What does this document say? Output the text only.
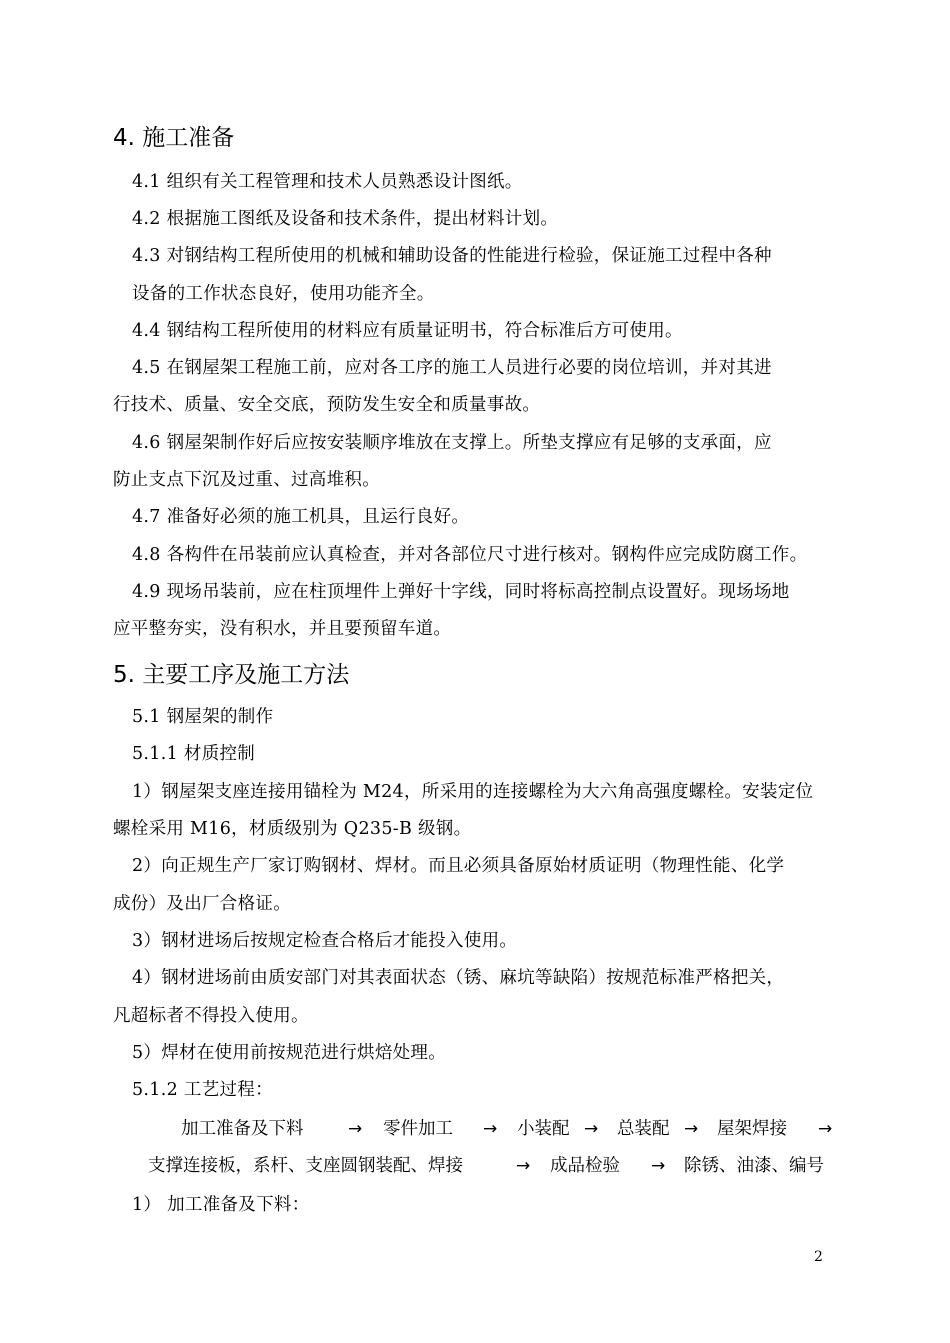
4. 施工准备
4.1 组织有关工程管理和技术人员熟悉设计图纸。
4.2 根据施工图纸及设备和技术条件，提出材料计划。
4.3 对钢结构工程所使用的机械和辅助设备的性能进行检验，保证施工过程中各种
设备的工作状态良好，使用功能齐全。
4.4 钢结构工程所使用的材料应有质量证明书，符合标准后方可使用。
4.5 在钢屋架工程施工前，应对各工序的施工人员进行必要的岗位培训，并对其进
行技术、质量、安全交底，预防发生安全和质量事故。
4.6 钢屋架制作好后应按安装顺序堆放在支撑上。所垫支撑应有足够的支承面，应
防止支点下沉及过重、过高堆积。
4.7 准备好必须的施工机具，且运行良好。
4.8 各构件在吊装前应认真检查，并对各部位尺寸进行核对。钢构件应完成防腐工作。
4.9 现场吊装前，应在柱顶埋件上弹好十字线，同时将标高控制点设置好。现场场地
应平整夯实，没有积水，并且要预留车道。
5. 主要工序及施工方法
5.1 钢屋架的制作
5.1.1 材质控制
1）钢屋架支座连接用锚栓为 M24，所采用的连接螺栓为大六角高强度螺栓。安装定位
螺栓采用 M16，材质级别为 Q235-B 级钢。
2）向正规生产厂家订购钢材、焊材。而且必须具备原始材质证明（物理性能、化学
成份）及出厂合格证。
3）钢材进场后按规定检查合格后才能投入使用。
4）钢材进场前由质安部门对其表面状态（锈、麻坑等缺陷）按规范标准严格把关，
凡超标者不得投入使用。
5）焊材在使用前按规范进行烘焙处理。
5.1.2 工艺过程：
加工准备及下料	→ 零件加工 → 小装配 → 总装配 → 屋架焊接 →
支撑连接板，系杆、支座圆钢装配、焊接	→ 成品检验 → 除锈、油漆、编号
1） 加工准备及下料：
2
